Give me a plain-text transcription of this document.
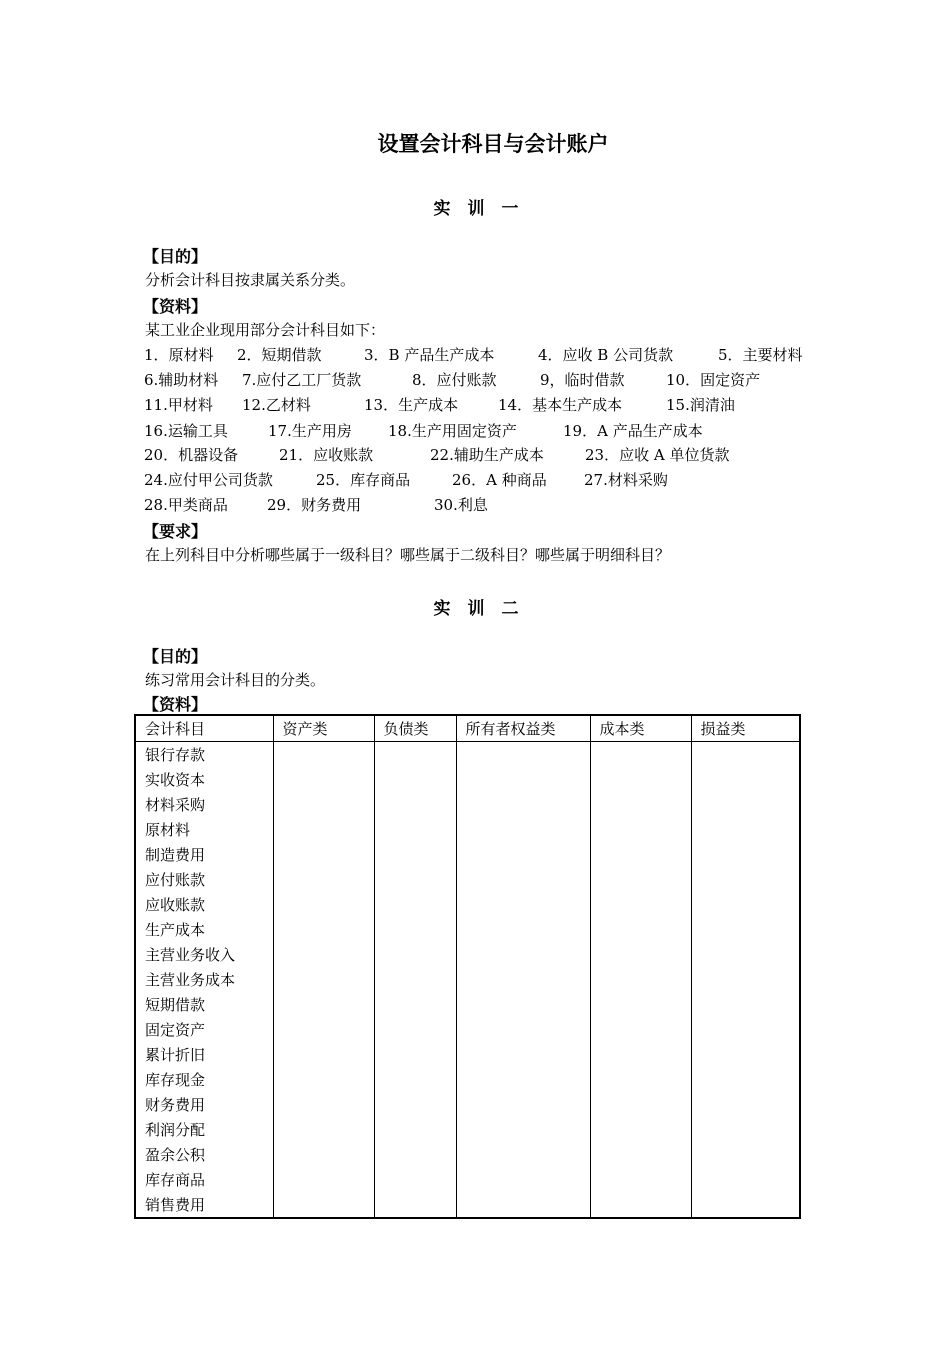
设置会计科目与会计账户
实　训　一
【目的】
分析会计科目按隶属关系分类。
【资料】
某工业企业现用部分会计科目如下：
1．原材料 2．短期借款	3．B 产品生产成本	4．应收 B 公司货款	5．主要材料
6.辅助材料 7.应付乙工厂货款	8．应付账款	9，临时借款	10．固定资产
11.甲材料 12.乙材料	13．生产成本	14．基本生产成本	15.润清油
16.运输工具	17.生产用房 18.生产用固定资产	19．A 产品生产成本
20．机器设备	21．应收账款	22.辅助生产成本	23．应收 A 单位货款
24.应付甲公司货款	25．库存商品	26．A 种商品 27.材料采购
28.甲类商品	29．财务费用	30.利息
【要求】
在上列科目中分析哪些属于一级科目？哪些属于二级科目？哪些属于明细科目？
实　训　二
【目的】
练习常用会计科目的分类。
【资料】
会计科目	资产类	负债类	所有者权益类	成本类	损益类
银行存款					
实收资本					
材料采购					
原材料					
制造费用					
应付账款					
应收账款					
生产成本					
主营业务收入					
主营业务成本					
短期借款					
固定资产					
累计折旧					
库存现金					
财务费用					
利润分配					
盈余公积					
库存商品					
销售费用					
